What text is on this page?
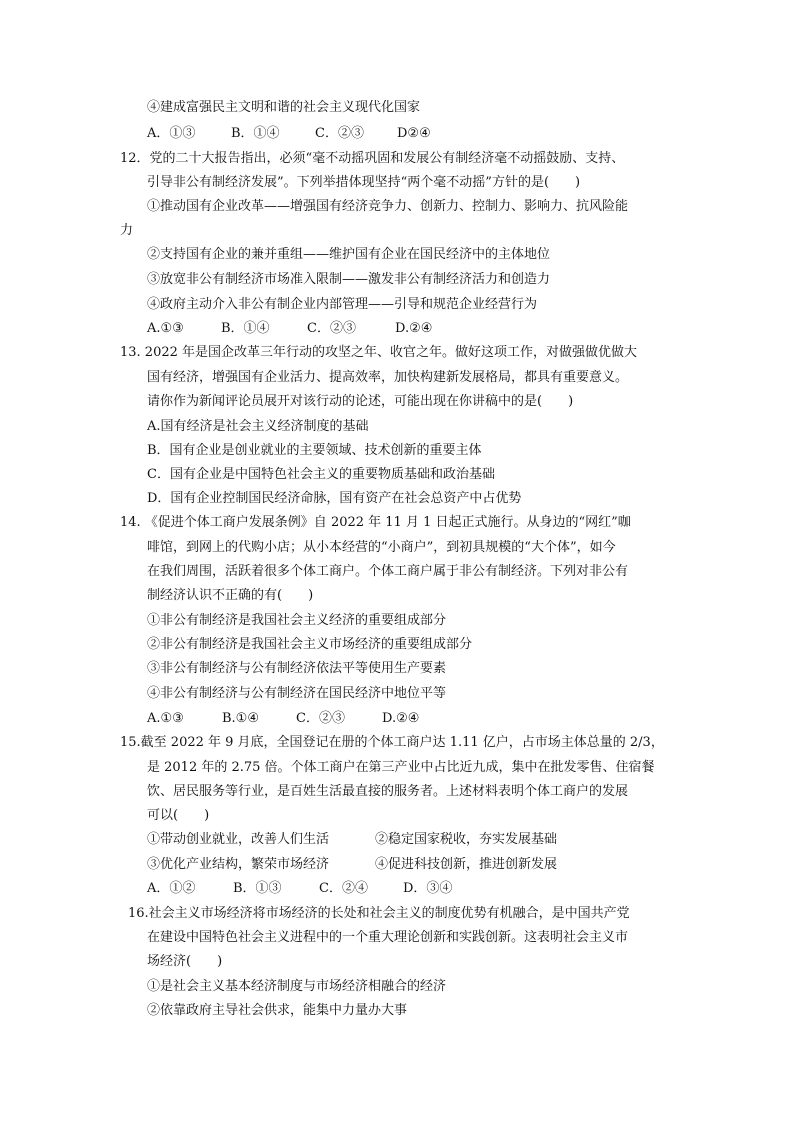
④建成富强民主文明和谐的社会主义现代化国家
A．①③	B．①④	C．②③	D②④
12．党的二十大报告指出，必须“毫不动摇巩固和发展公有制经济毫不动摇鼓励、支持、
引导非公有制经济发展”。下列举措体现坚持“两个毫不动摇”方针的是(　　)
①推动国有企业改革——增强国有经济竞争力、创新力、控制力、影响力、抗风险能
力
②支持国有企业的兼并重组——维护国有企业在国民经济中的主体地位
③放宽非公有制经济市场准入限制——激发非公有制经济活力和创造力
④政府主动介入非公有制企业内部管理——引导和规范企业经营行为
A.①③	B．①④	C．②③	D.②④
13. 2022 年是国企改革三年行动的攻坚之年、收官之年。做好这项工作，对做强做优做大
国有经济，增强国有企业活力、提高效率，加快构建新发展格局，都具有重要意义。
请你作为新闻评论员展开对该行动的论述，可能出现在你讲稿中的是(　　)
A.国有经济是社会主义经济制度的基础
B．国有企业是创业就业的主要领域、技术创新的重要主体
C．国有企业是中国特色社会主义的重要物质基础和政治基础
D．国有企业控制国民经济命脉，国有资产在社会总资产中占优势
14. 《促进个体工商户发展条例》自 2022 年 11 月 1 日起正式施行。从身边的“网红”咖
啡馆，到网上的代购小店；从小本经营的“小商户”，到初具规模的“大个体”，如今
在我们周围，活跃着很多个体工商户。个体工商户属于非公有制经济。下列对非公有
制经济认识不正确的有(　　)
①非公有制经济是我国社会主义经济的重要组成部分
②非公有制经济是我国社会主义市场经济的重要组成部分
③非公有制经济与公有制经济依法平等使用生产要素
④非公有制经济与公有制经济在国民经济中地位平等
A.①③	B.①④	C．②③	D.②④
15.截至 2022 年 9 月底，全国登记在册的个体工商户达 1.11 亿户，占市场主体总量的 2/3，
是 2012 年的 2.75 倍。个体工商户在第三产业中占比近九成，集中在批发零售、住宿餐
饮、居民服务等行业，是百姓生活最直接的服务者。上述材料表明个体工商户的发展
可以(　　)
①带动创业就业，改善人们生活	②稳定国家税收，夯实发展基础
③优化产业结构，繁荣市场经济	④促进科技创新，推进创新发展
A．①②	B．①③	C．②④	D．③④
16.社会主义市场经济将市场经济的长处和社会主义的制度优势有机融合，是中国共产党
在建设中国特色社会主义进程中的一个重大理论创新和实践创新。这表明社会主义市
场经济(　　)
①是社会主义基本经济制度与市场经济相融合的经济
②依靠政府主导社会供求，能集中力量办大事
